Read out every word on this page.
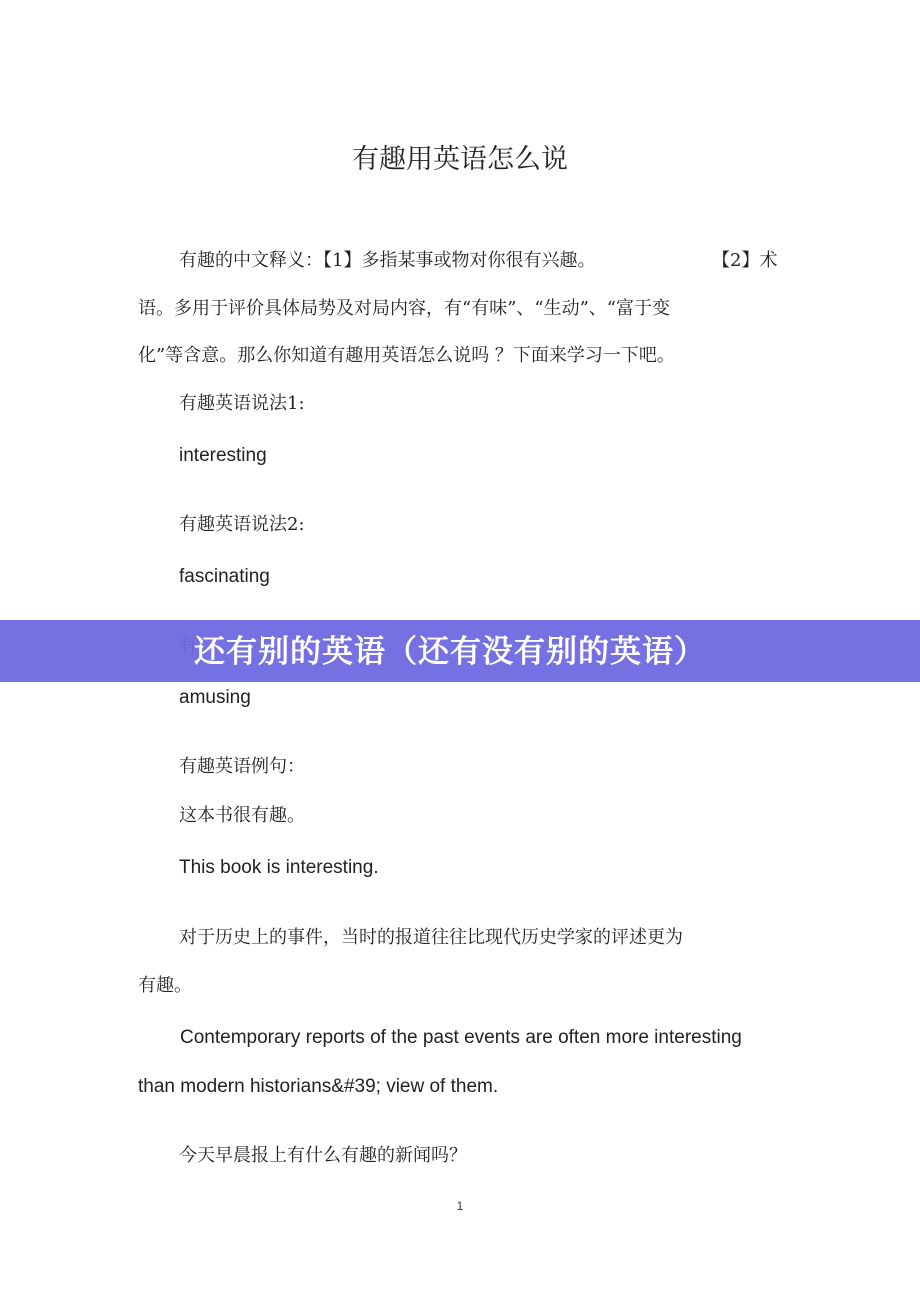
有趣用英语怎么说
有趣的中文释义：【1】多指某事或物对你很有兴趣。	【2】术
语。多用于评价具体局势及对局内容，有“有味”、“生动”、“富于变
化”等含意。那么你知道有趣用英语怎么说吗 ？下面来学习一下吧。
有趣英语说法1:
interesting
有趣英语说法2:
fascinating
amusing
有趣英语例句：
这本书很有趣。
This book is interesting.
对于历史上的事件，当时的报道往往比现代历史学家的评述更为
有趣。
Contemporary reports of the past events are often more interesting
than modern historians&#39; view of them.
今天早晨报上有什么有趣的新闻吗？
1
还有别的英语（还有没有别的英语）
